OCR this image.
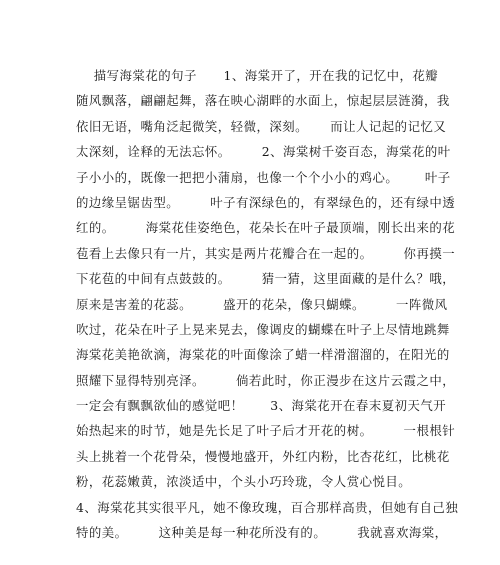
描写海棠花的句子      1、海棠开了，开在我的记忆中，花瓣
随风飘落，翩翩起舞，落在映心湖畔的水面上，惊起层层涟漪，我
依旧无语，嘴角泛起微笑，轻微，深刻。     而让人记起的记忆又
太深刻，诠释的无法忘怀。       2、海棠树千姿百态，海棠花的叶
子小小的，既像一把把小蒲扇，也像一个个小小的鸡心。      叶子
的边缘呈锯齿型。       叶子有深绿色的，有翠绿色的，还有绿中透
红的。       海棠花佳姿绝色，花朵长在叶子最顶端，刚长出来的花
苞看上去像只有一片，其实是两片花瓣合在一起的。       你再摸一
下花苞的中间有点鼓鼓的。       猜一猜，这里面藏的是什么？哦，
原来是害羞的花蕊。       盛开的花朵，像只蝴蝶。       一阵微风
吹过，花朵在叶子上晃来晃去，像调皮的蝴蝶在叶子上尽情地跳舞
海棠花美艳欲滴，海棠花的叶面像涂了蜡一样滑溜溜的，在阳光的
照耀下显得特别亮泽。       倘若此时，你正漫步在这片云霞之中，
一定会有飘飘欲仙的感觉吧！      3、海棠花开在春末夏初天气开
始热起来的时节，她是先长足了叶子后才开花的树。       一根根针
头上挑着一个花骨朵，慢慢地盛开，外红内粉，比杏花红，比桃花
粉，花蕊嫩黄，浓淡适中，个头小巧玲珑，令人赏心悦目。
4、海棠花其实很平凡，她不像玫瑰，百合那样高贵，但她有自己独
特的美。       这种美是每一种花所没有的。       我就喜欢海棠，
